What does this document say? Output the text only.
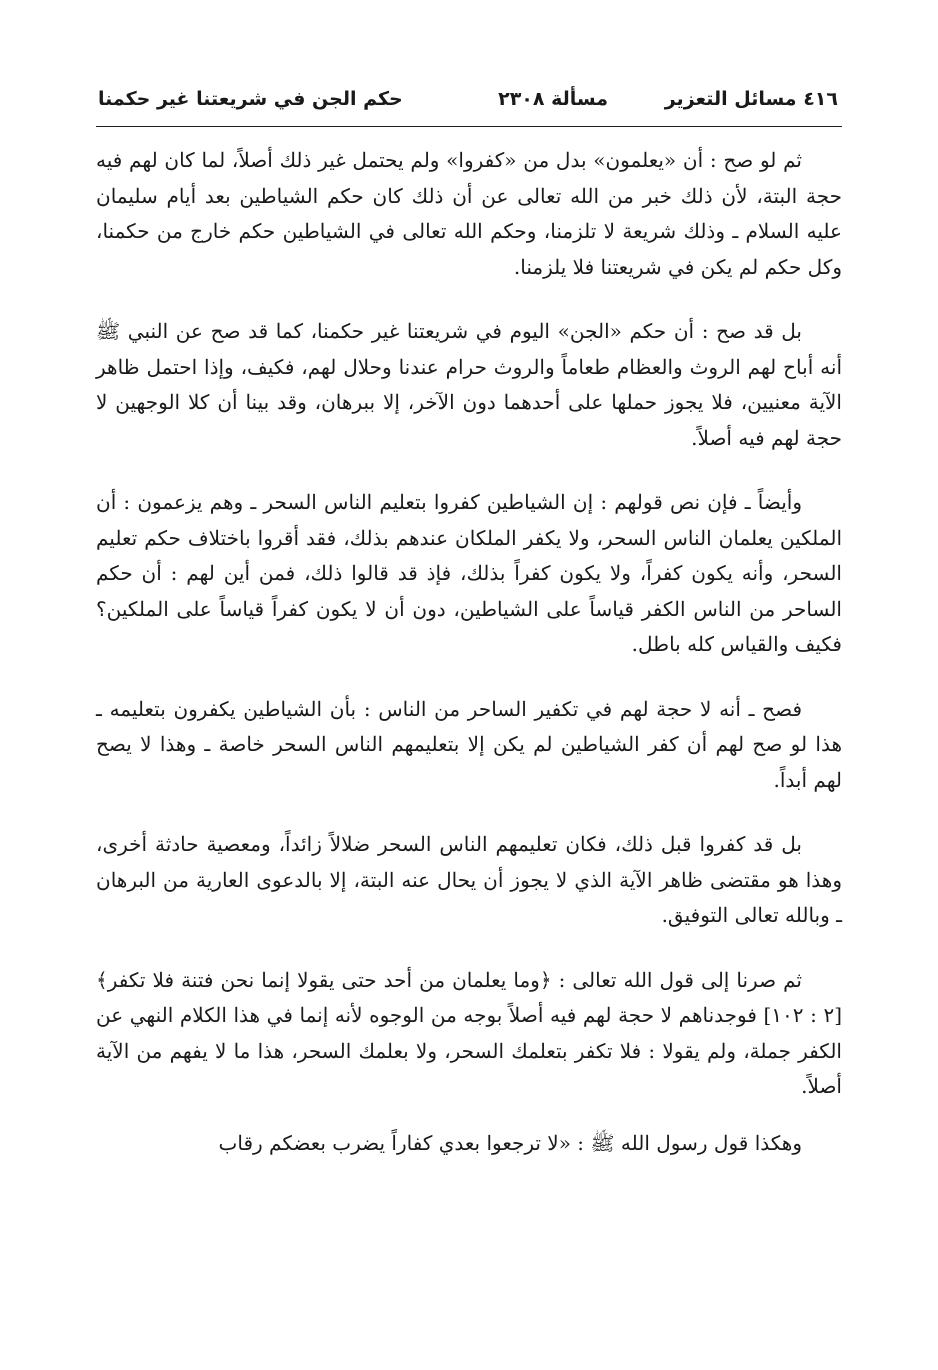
٤١٦ مسائل التعزير
مسألة ٢٣٠٨
حكم الجن في شريعتنا غير حكمنا

ثم لو صح : أن «يعلمون» بدل من «كفروا» ولم يحتمل غير ذلك أصلاً، لما كان لهم فيه حجة البتة، لأن ذلك خبر من الله تعالى عن أن ذلك كان حكم الشياطين بعد أيام سليمان عليه السلام ـ وذلك شريعة لا تلزمنا، وحكم الله تعالى في الشياطين حكم خارج من حكمنا، وكل حكم لم يكن في شريعتنا فلا يلزمنا.

بل قد صح : أن حكم «الجن» اليوم في شريعتنا غير حكمنا، كما قد صح عن النبي ﷺ أنه أباح لهم الروث والعظام طعاماً والروث حرام عندنا وحلال لهم، فكيف، وإذا احتمل ظاهر الآية معنيين، فلا يجوز حملها على أحدهما دون الآخر، إلا ببرهان، وقد بينا أن كلا الوجهين لا حجة لهم فيه أصلاً.

وأيضاً ـ فإن نص قولهم : إن الشياطين كفروا بتعليم الناس السحر ـ وهم يزعمون : أن الملكين يعلمان الناس السحر، ولا يكفر الملكان عندهم بذلك، فقد أقروا باختلاف حكم تعليم السحر، وأنه يكون كفراً، ولا يكون كفراً بذلك، فإذ قد قالوا ذلك، فمن أين لهم : أن حكم الساحر من الناس الكفر قياساً على الشياطين، دون أن لا يكون كفراً قياساً على الملكين؟ فكيف والقياس كله باطل.

فصح ـ أنه لا حجة لهم في تكفير الساحر من الناس : بأن الشياطين يكفرون بتعليمه ـ هذا لو صح لهم أن كفر الشياطين لم يكن إلا بتعليمهم الناس السحر خاصة ـ وهذا لا يصح لهم أبداً.

بل قد كفروا قبل ذلك، فكان تعليمهم الناس السحر ضلالاً زائداً، ومعصية حادثة أخرى، وهذا هو مقتضى ظاهر الآية الذي لا يجوز أن يحال عنه البتة، إلا بالدعوى العارية من البرهان ـ وبالله تعالى التوفيق.

ثم صرنا إلى قول الله تعالى : ﴿وما يعلمان من أحد حتى يقولا إنما نحن فتنة فلا تكفر﴾ [٢ : ١٠٢] فوجدناهم لا حجة لهم فيه أصلاً بوجه من الوجوه لأنه إنما في هذا الكلام النهي عن الكفر جملة، ولم يقولا : فلا تكفر بتعلمك السحر، ولا بعلمك السحر، هذا ما لا يفهم من الآية أصلاً.

وهكذا قول رسول الله ﷺ : «لا ترجعوا بعدي كفاراً يضرب بعضكم رقاب
